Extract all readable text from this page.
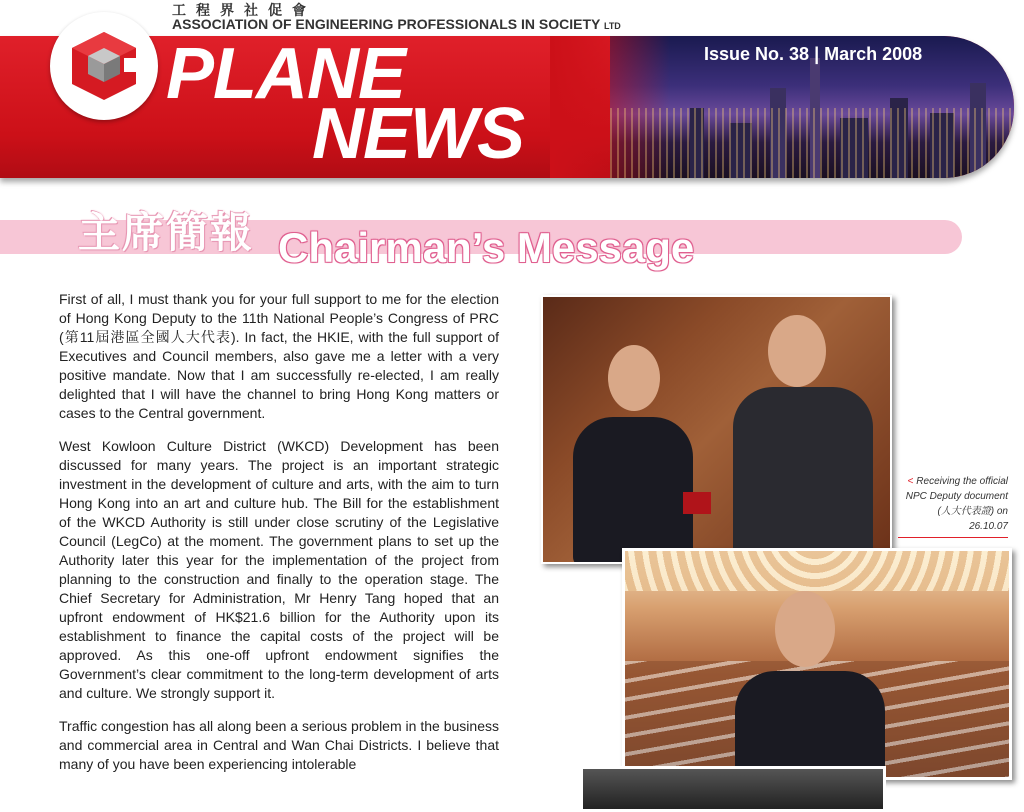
工程界社促會
ASSOCIATION OF ENGINEERING PROFESSIONALS IN SOCIETY LTD
Issue No. 38 | March 2008
PLANE
NEWS
主席簡報 Chairman’s Message

First of all, I must thank you for your full support to me for the election of Hong Kong Deputy to the 11th National People’s Congress of PRC (第11屆港區全國人大代表). In fact, the HKIE, with the full support of Executives and Council members, also gave me a letter with a very positive mandate. Now that I am successfully re-elected, I am really delighted that I will have the channel to bring Hong Kong matters or cases to the Central government.

West Kowloon Culture District (WKCD) Development has been discussed for many years. The project is an important strategic investment in the development of culture and arts, with the aim to turn Hong Kong into an art and culture hub. The Bill for the establishment of the WKCD Authority is still under close scrutiny of the Legislative Council (LegCo) at the moment. The government plans to set up the Authority later this year for the implementation of the project from planning to the construction and finally to the operation stage. The Chief Secretary for Administration, Mr Henry Tang hoped that an upfront endowment of HK$21.6 billion for the Authority upon its establishment to finance the capital costs of the project will be approved. As this one-off upfront endowment signifies the Government’s clear commitment to the long-term development of arts and culture. We strongly support it.

Traffic congestion has all along been a serious problem in the business and commercial area in Central and Wan Chai Districts. I believe that many of you have been experiencing intolerable

< Receiving the official NPC Deputy document (人大代表證) on 26.10.07
